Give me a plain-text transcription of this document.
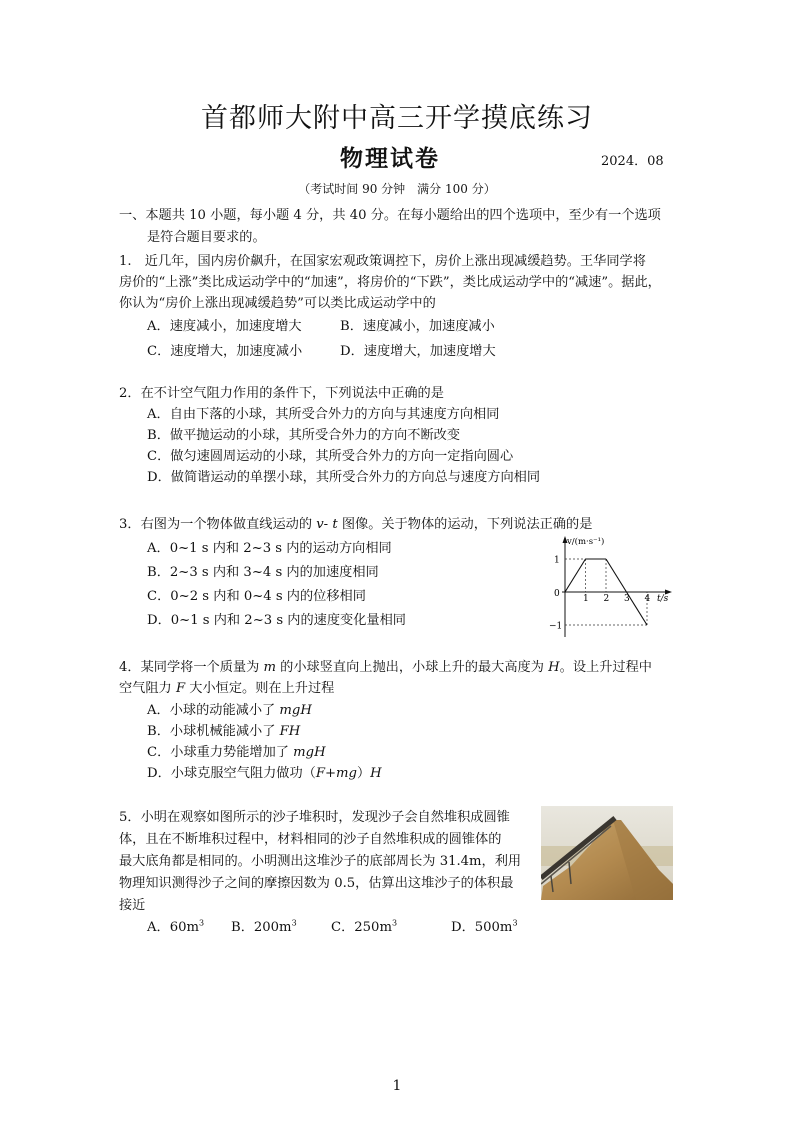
首都师大附中高三开学摸底练习
物理试卷	2024．08
（考试时间 90 分钟　满分 100 分）
一、本题共 10 小题，每小题 4 分，共 40 分。在每小题给出的四个选项中，至少有一个选项
是符合题目要求的。
1.　近几年，国内房价飙升，在国家宏观政策调控下，房价上涨出现减缓趋势。王华同学将
房价的“上涨”类比成运动学中的“加速”，将房价的“下跌”，类比成运动学中的“减速”。据此，
你认为“房价上涨出现减缓趋势”可以类比成运动学中的
A．速度减小，加速度增大	B．速度减小，加速度减小
C．速度增大，加速度减小	D．速度增大，加速度增大
2．在不计空气阻力作用的条件下，下列说法中正确的是
A．自由下落的小球，其所受合外力的方向与其速度方向相同
B．做平抛运动的小球，其所受合外力的方向不断改变
C．做匀速圆周运动的小球，其所受合外力的方向一定指向圆心
D．做简谐运动的单摆小球，其所受合外力的方向总与速度方向相同
3．右图为一个物体做直线运动的 v- t 图像。关于物体的运动，下列说法正确的是
A．0~1 s 内和 2~3 s 内的运动方向相同
B．2~3 s 内和 3~4 s 内的加速度相同
C．0~2 s 内和 0~4 s 内的位移相同
D．0~1 s 内和 2~3 s 内的速度变化量相同
v/(m·s⁻¹)
t/s
1 2 3 4
1
0
−1
4．某同学将一个质量为 m 的小球竖直向上抛出，小球上升的最大高度为 H。设上升过程中
空气阻力 F 大小恒定。则在上升过程
A．小球的动能减小了 mgH
B．小球机械能减小了 FH
C．小球重力势能增加了 mgH
D．小球克服空气阻力做功（F+mg）H
5．小明在观察如图所示的沙子堆积时，发现沙子会自然堆积成圆锥
体，且在不断堆积过程中，材料相同的沙子自然堆积成的圆锥体的
最大底角都是相同的。小明测出这堆沙子的底部周长为 31.4m，利用
物理知识测得沙子之间的摩擦因数为 0.5，估算出这堆沙子的体积最
接近
A．$60m^3$ B．$200m^3$	C．$250m^3$	D．$500m^3$
1
